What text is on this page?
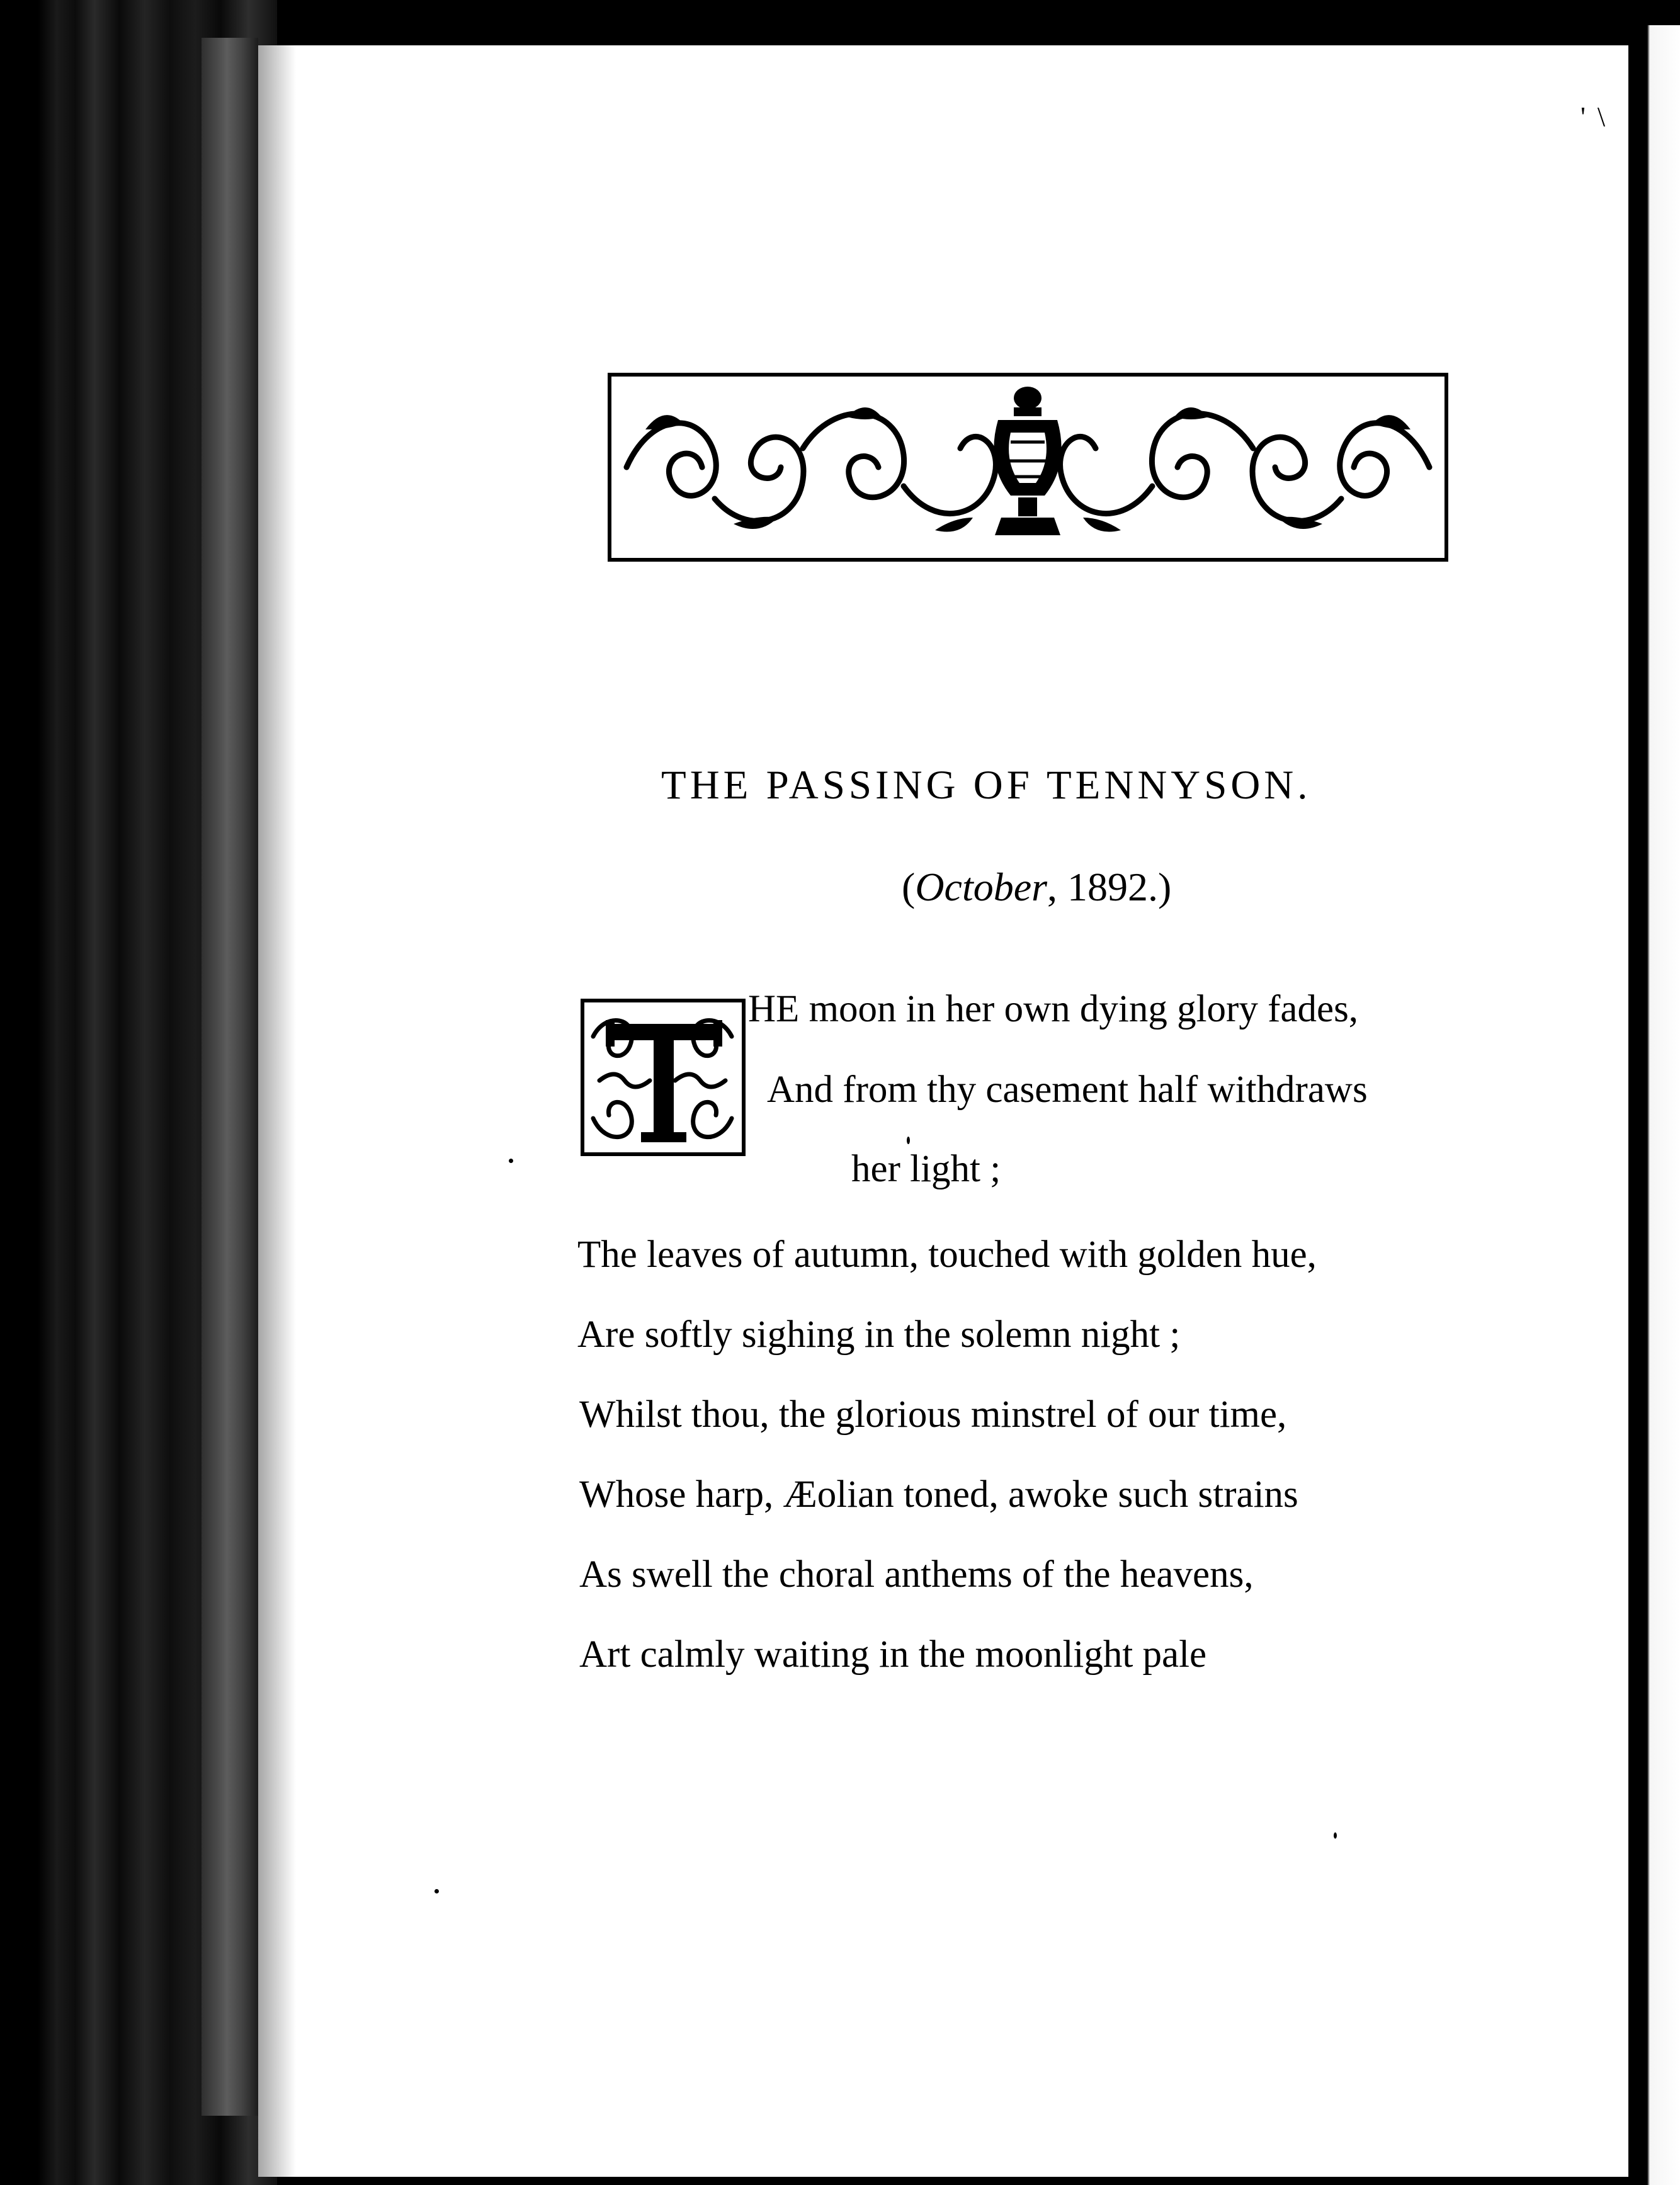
' \
THE PASSING OF TENNYSON.
(October, 1892.)
T	HE moon in her own dying glory fades,
And from thy casement half withdraws
her light ;
The leaves of autumn, touched with golden hue,
Are softly sighing in the solemn night ;
Whilst thou, the glorious minstrel of our time,
Whose harp, Æolian toned, awoke such strains
As swell the choral anthems of the heavens,
Art calmly waiting in the moonlight pale
